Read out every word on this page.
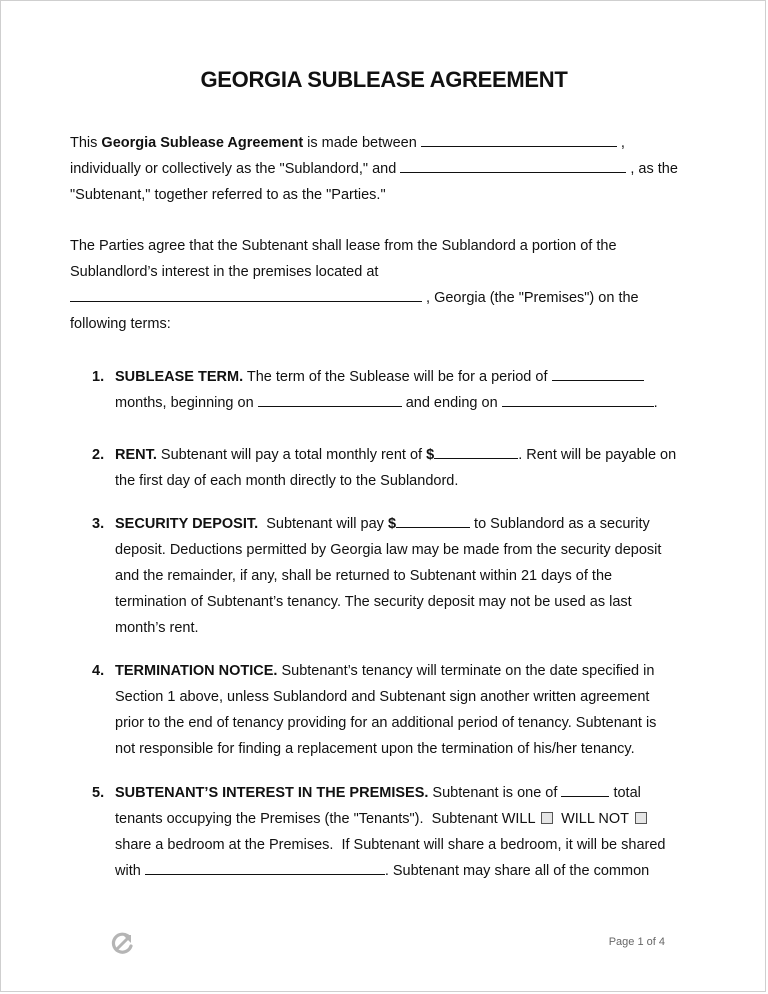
GEORGIA SUBLEASE AGREEMENT
This Georgia Sublease Agreement is made between	,
individually or collectively as the "Sublandord," and	, as the
"Subtenant," together referred to as the "Parties."
The Parties agree that the Subtenant shall lease from the Sublandord a portion of the
Sublandlord’s interest in the premises located at
, Georgia (the "Premises") on the
following terms:
1. SUBLEASE TERM. The term of the Sublease will be for a period of
months, beginning on	and ending on	.
2. RENT. Subtenant will pay a total monthly rent of $	. Rent will be payable on
the first day of each month directly to the Sublandord.
3. SECURITY DEPOSIT.  Subtenant will pay $	to Sublandord as a security
deposit. Deductions permitted by Georgia law may be made from the security deposit
and the remainder, if any, shall be returned to Subtenant within 21 days of the
termination of Subtenant’s tenancy. The security deposit may not be used as last
month’s rent.
4. TERMINATION NOTICE. Subtenant’s tenancy will terminate on the date specified in
Section 1 above, unless Sublandord and Subtenant sign another written agreement
prior to the end of tenancy providing for an additional period of tenancy. Subtenant is
not responsible for finding a replacement upon the termination of his/her tenancy.
5. SUBTENANT’S INTEREST IN THE PREMISES. Subtenant is one of	total
tenants occupying the Premises (the "Tenants").  Subtenant WILL  WILL NOT
share a bedroom at the Premises.  If Subtenant will share a bedroom, it will be shared
with	. Subtenant may share all of the common
Page 1 of 4
